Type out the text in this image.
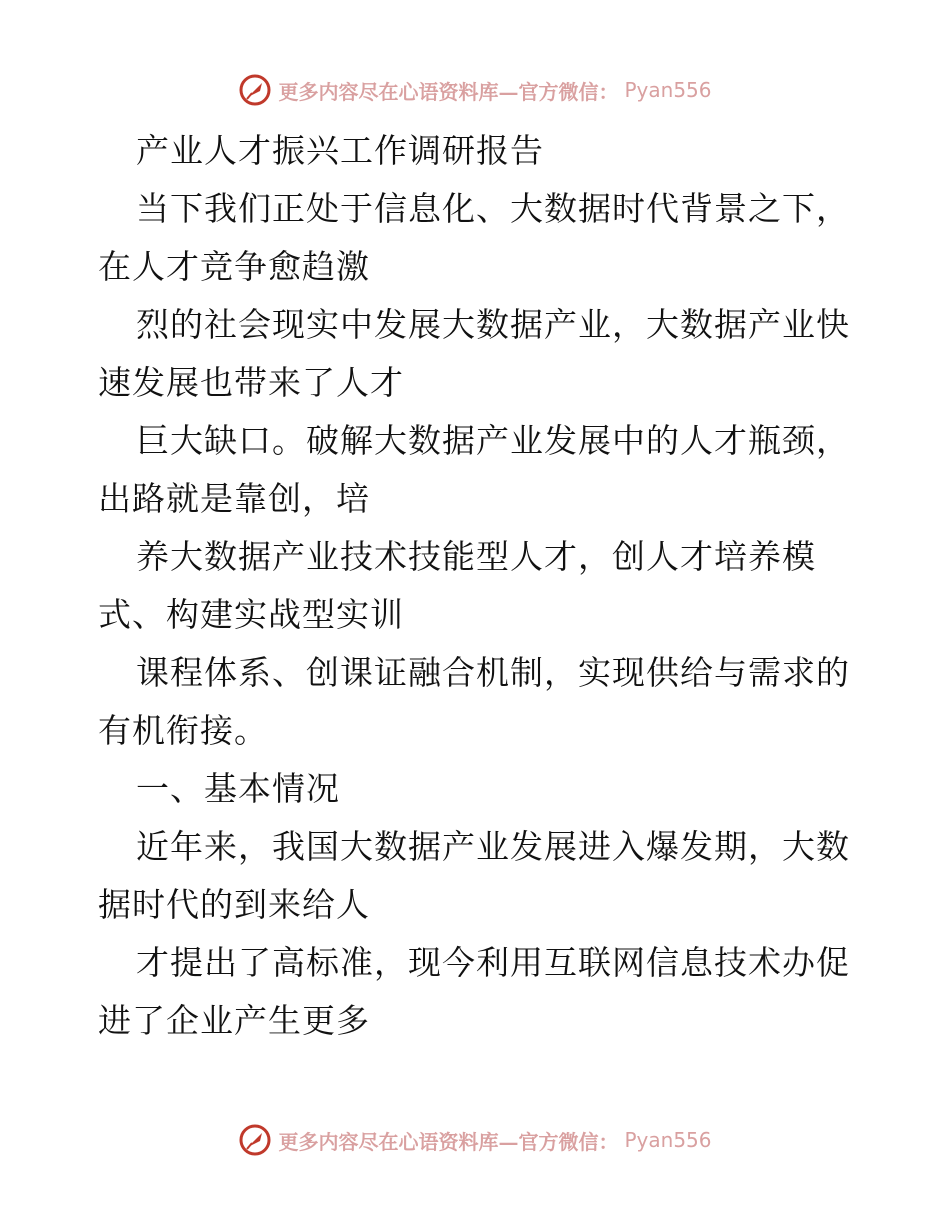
更多内容尽在心语资料库—官方微信： Pyan556
产业人才振兴工作调研报告
当下我们正处于信息化、大数据时代背景之下，
在人才竞争愈趋激
烈的社会现实中发展大数据产业，大数据产业快
速发展也带来了人才
巨大缺口。破解大数据产业发展中的人才瓶颈，
出路就是靠创，培
养大数据产业技术技能型人才，创人才培养模
式、构建实战型实训
课程体系、创课证融合机制，实现供给与需求的
有机衔接。
一、基本情况
近年来，我国大数据产业发展进入爆发期，大数
据时代的到来给人
才提出了高标准，现今利用互联网信息技术办促
进了企业产生更多
更多内容尽在心语资料库—官方微信： Pyan556
